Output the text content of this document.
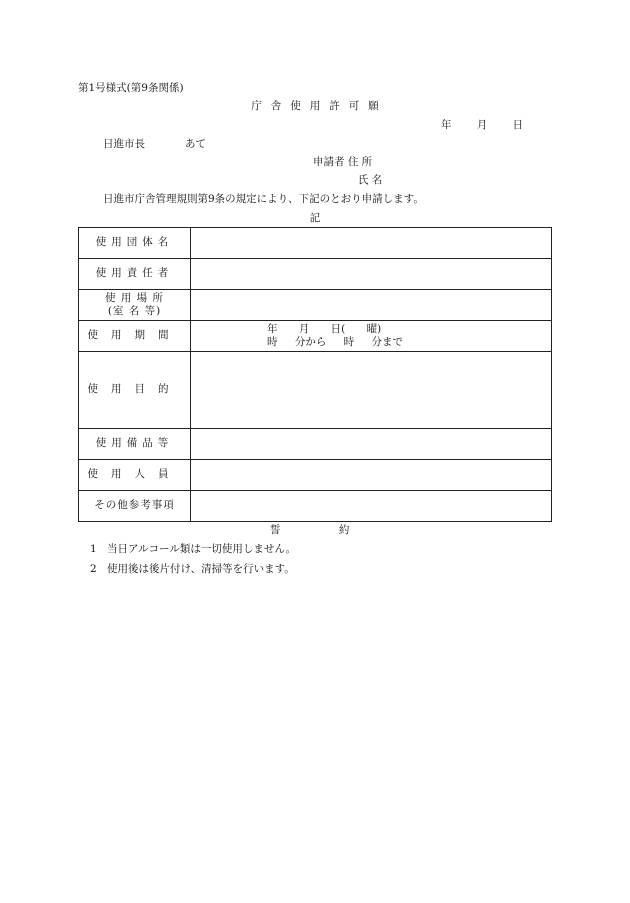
第1号様式(第9条関係)
庁舎使用許可願
年 月 日
日進市長	あて
申請者 住 所
氏 名
日進市庁舎管理規則第9条の規定により、下記のとおり申請します。
記
使用団体名	
使用責任者	

使 用 場 所
(室 名 等)	

使用期間	年 月 日( 曜)
時 分から 時 分まで

使用目的	
使用備品等	
使用人員	
その他参考事項	
誓 約
1 当日アルコール類は一切使用しません。
2 使用後は後片付け、清掃等を行います。
